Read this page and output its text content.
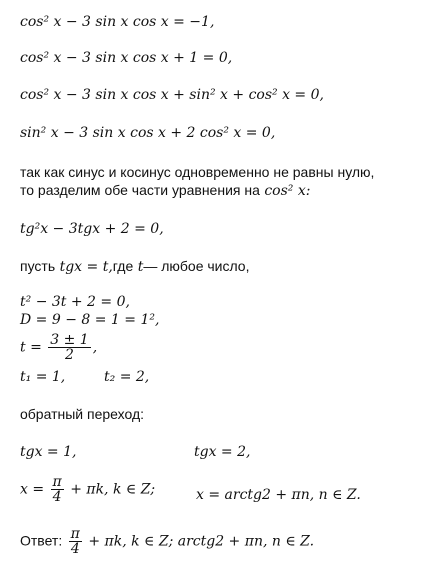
cos² x − 3 sin x cos x = −1,
cos² x − 3 sin x cos x + 1 = 0,
cos² x − 3 sin x cos x + sin² x + cos² x = 0,
sin² x − 3 sin x cos x + 2 cos² x = 0,
так как синус и косинус одновременно не равны нулю,
то разделим обе части уравнения на cos² x:
tg²x − 3tgx + 2 = 0,
пусть tgx = t,где t— любое число,
t² − 3t + 2 = 0,
D = 9 − 8 = 1 = 1²,
$t = \frac{3 \pm 1}{2}$ ,
t₁ = 1,	t₂ = 2,
обратный переход:
tgx = 1,	tgx = 2,
$x = \frac{\pi}{4} + \pi k$, k ∈ Z;	x = arctg2 + πn, n ∈ Z.
Ответ: $\frac{\pi}{4} + \pi k$, k ∈ Z; arctg2 + πn, n ∈ Z.
